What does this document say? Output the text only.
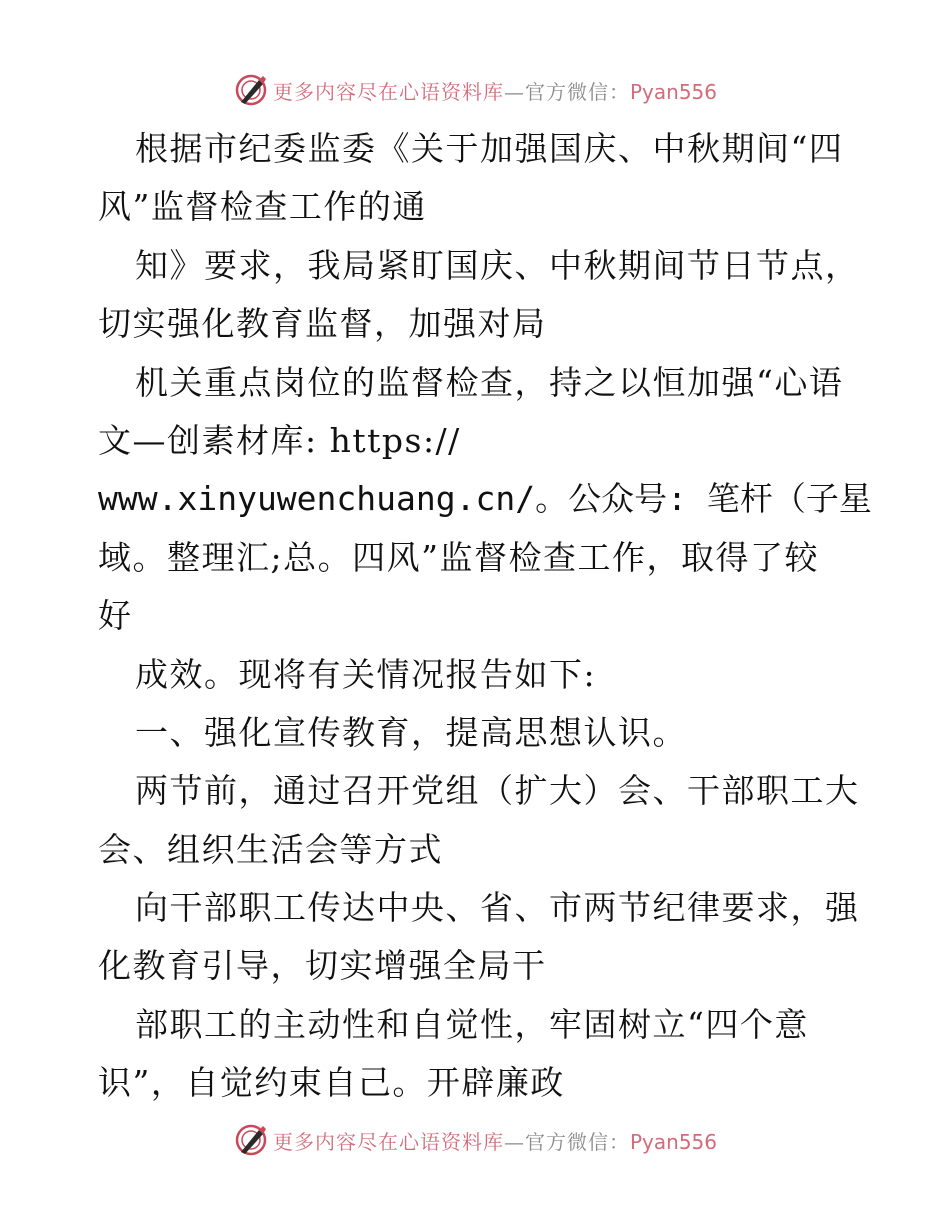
更多内容尽在心语资料库—官方微信：Pyan556
根据市纪委监委《关于加强国庆、中秋期间“四
风”监督检查工作的通
知》要求，我局紧盯国庆、中秋期间节日节点，
切实强化教育监督，加强对局
机关重点岗位的监督检查，持之以恒加强“心语
文—创素材库: https://
www.xinyuwenchuang.cn/。公众号: 笔杆（子星
域。整理汇;总。四风”监督检查工作，取得了较
好
成效。现将有关情况报告如下:
一、强化宣传教育，提高思想认识。
两节前，通过召开党组（扩大）会、干部职工大
会、组织生活会等方式
向干部职工传达中央、省、市两节纪律要求，强
化教育引导，切实增强全局干
部职工的主动性和自觉性，牢固树立“四个意
识”，自觉约束自己。开辟廉政
更多内容尽在心语资料库—官方微信：Pyan556
